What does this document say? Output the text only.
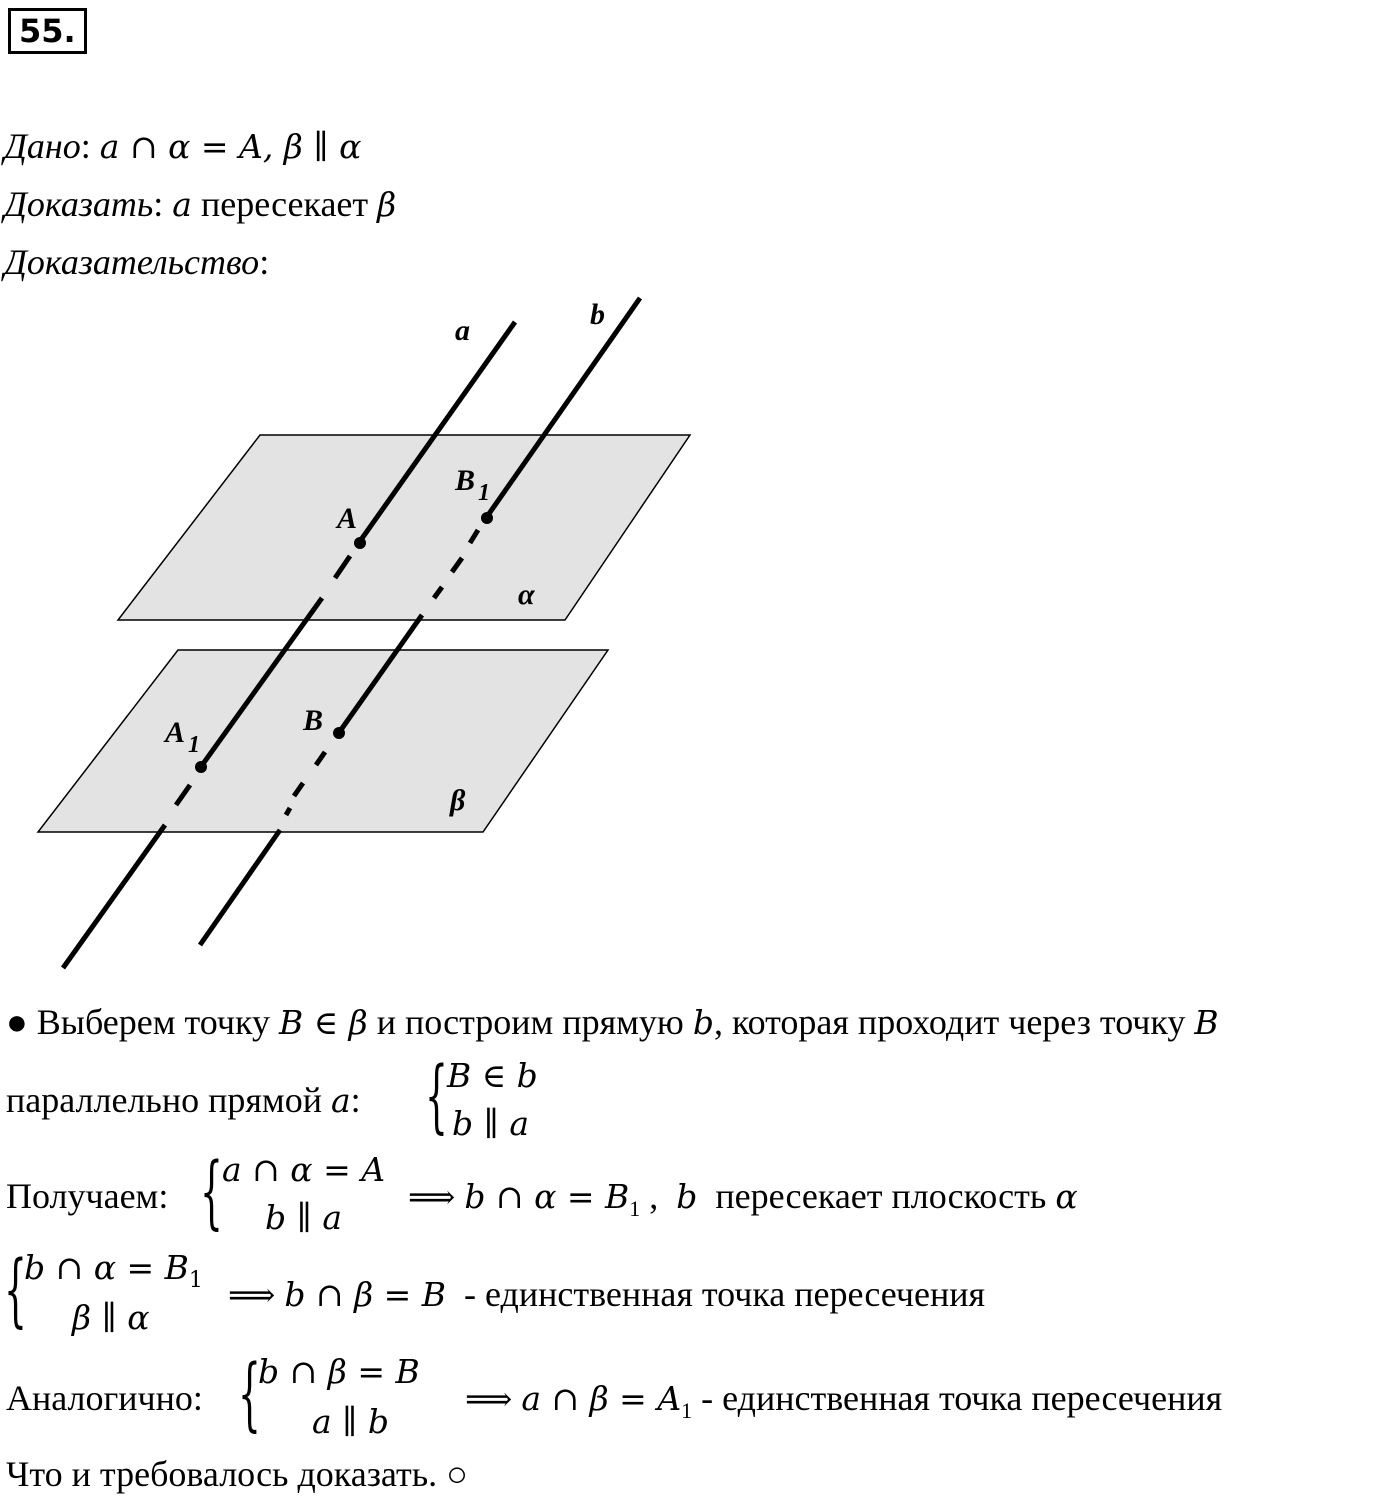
55.
Дано: a ∩ α = A, β ∥ α
Доказать: a пересекает β
Доказательство:
a	b
A
B 1
A 1
B
α
β
● Выберем точку B ∈ β и построим прямую b, которая проходит через точку B
параллельно прямой a: { B ∈ b
b ∥ a
Получаем: { a ∩ α = A
b ∥ a
⟹ b ∩ $\alpha = B_1$ , b пересекает плоскость α
{
b ∩ $\alpha = B_1$
β ∥ α
⟹ b ∩ β = B - единственная точка пересечения
Аналогично: {
b ∩ β = B
a ∥ b
⟹ a ∩ $\beta = A_1$ - единственная точка пересечения
Что и требовалось доказать. ○
